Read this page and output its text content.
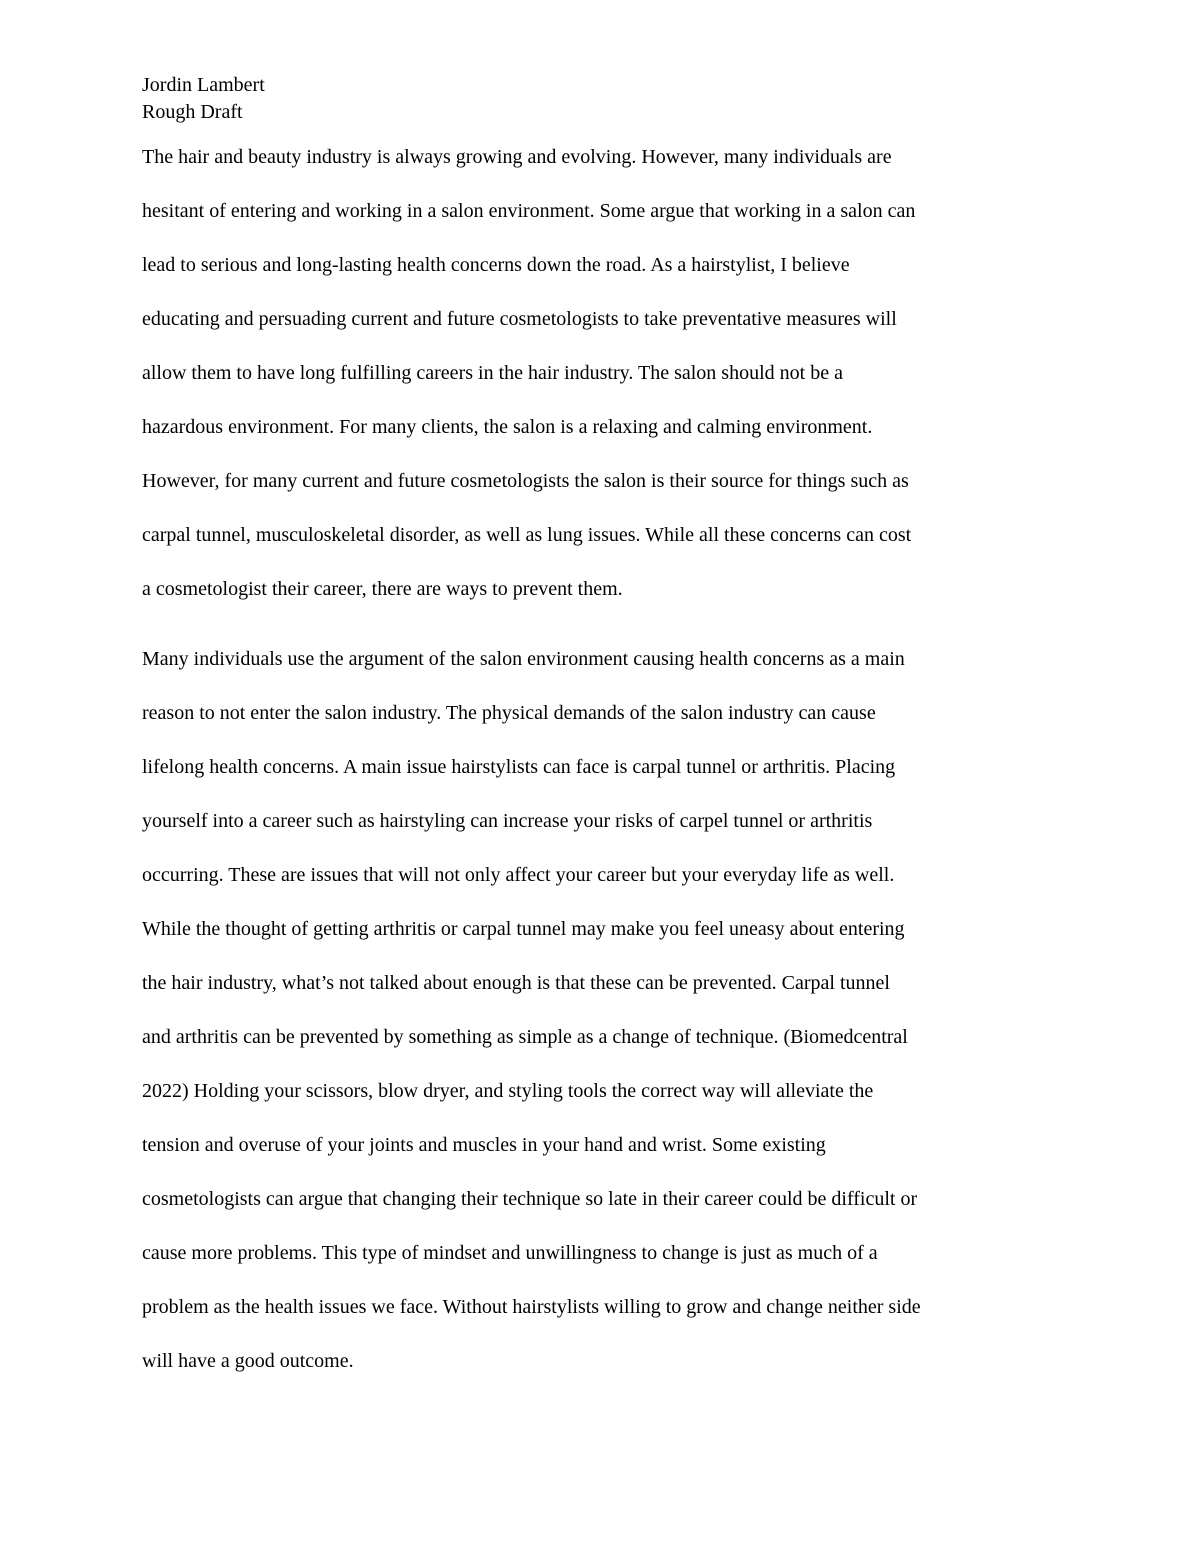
Jordin Lambert
Rough Draft

The hair and beauty industry is always growing and evolving. However, many individuals are
hesitant of entering and working in a salon environment. Some argue that working in a salon can
lead to serious and long-lasting health concerns down the road. As a hairstylist, I believe
educating and persuading current and future cosmetologists to take preventative measures will
allow them to have long fulfilling careers in the hair industry. The salon should not be a
hazardous environment. For many clients, the salon is a relaxing and calming environment.
However, for many current and future cosmetologists the salon is their source for things such as
carpal tunnel, musculoskeletal disorder, as well as lung issues. While all these concerns can cost
a cosmetologist their career, there are ways to prevent them.

Many individuals use the argument of the salon environment causing health concerns as a main
reason to not enter the salon industry. The physical demands of the salon industry can cause
lifelong health concerns. A main issue hairstylists can face is carpal tunnel or arthritis. Placing
yourself into a career such as hairstyling can increase your risks of carpel tunnel or arthritis
occurring. These are issues that will not only affect your career but your everyday life as well.
While the thought of getting arthritis or carpal tunnel may make you feel uneasy about entering
the hair industry, what’s not talked about enough is that these can be prevented. Carpal tunnel
and arthritis can be prevented by something as simple as a change of technique. (Biomedcentral
2022) Holding your scissors, blow dryer, and styling tools the correct way will alleviate the
tension and overuse of your joints and muscles in your hand and wrist. Some existing
cosmetologists can argue that changing their technique so late in their career could be difficult or
cause more problems. This type of mindset and unwillingness to change is just as much of a
problem as the health issues we face. Without hairstylists willing to grow and change neither side
will have a good outcome.
